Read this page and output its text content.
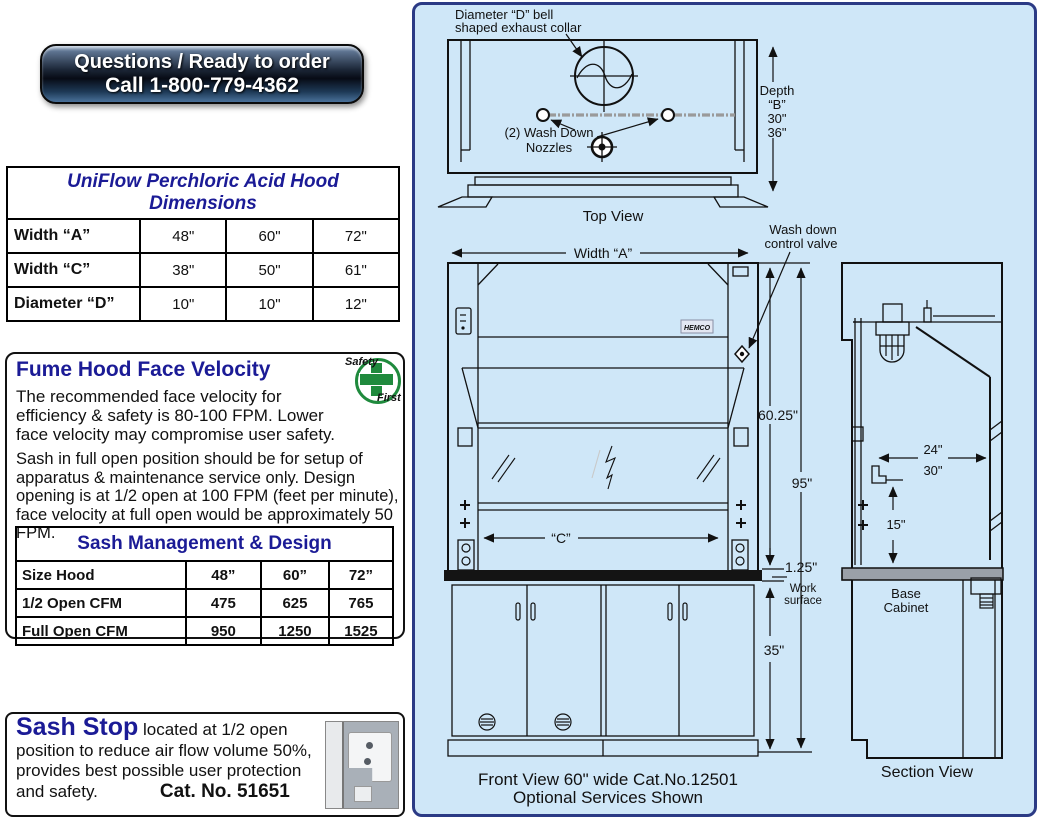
Questions / Ready to order
Call 1-800-779-4362
UniFlow Perchloric Acid Hood Dimensions			
Width “A”	48"	60"	72"
Width “C”	38"	50"	61"
Diameter “D”	10"	10"	12"
Fume Hood Face Velocity	Safety
First
The recommended face velocity for efficiency & safety is 80-100 FPM. Lower face velocity may compromise user safety.
Sash in full open position should be for setup of apparatus & maintenance service only. Design opening is at 1/2 open at 100 FPM (feet per minute), face velocity at full open would be approximately 50 FPM.	Sash Management & Design			
Size Hood	48”	60”	72”
1/2 Open CFM	475	625	765
Full Open CFM	950	1250	1525
Sash Stop located at 1/2 open position to reduce air flow volume 50%, provides best possible user protection and safety.	Cat. No. 51651
Diameter “D” bell
shaped exhaust collar
(2) Wash Down
Nozzles
Depth
“B”
30"
36"
Top View
Width “A”
HEMCO
“C”
60.25"
95"
1.25"
Work
surface
35"
Wash down
control valve
Front View 60" wide Cat.No.12501
Optional Services Shown
24"
30"
15"
Base
Cabinet
Section View
